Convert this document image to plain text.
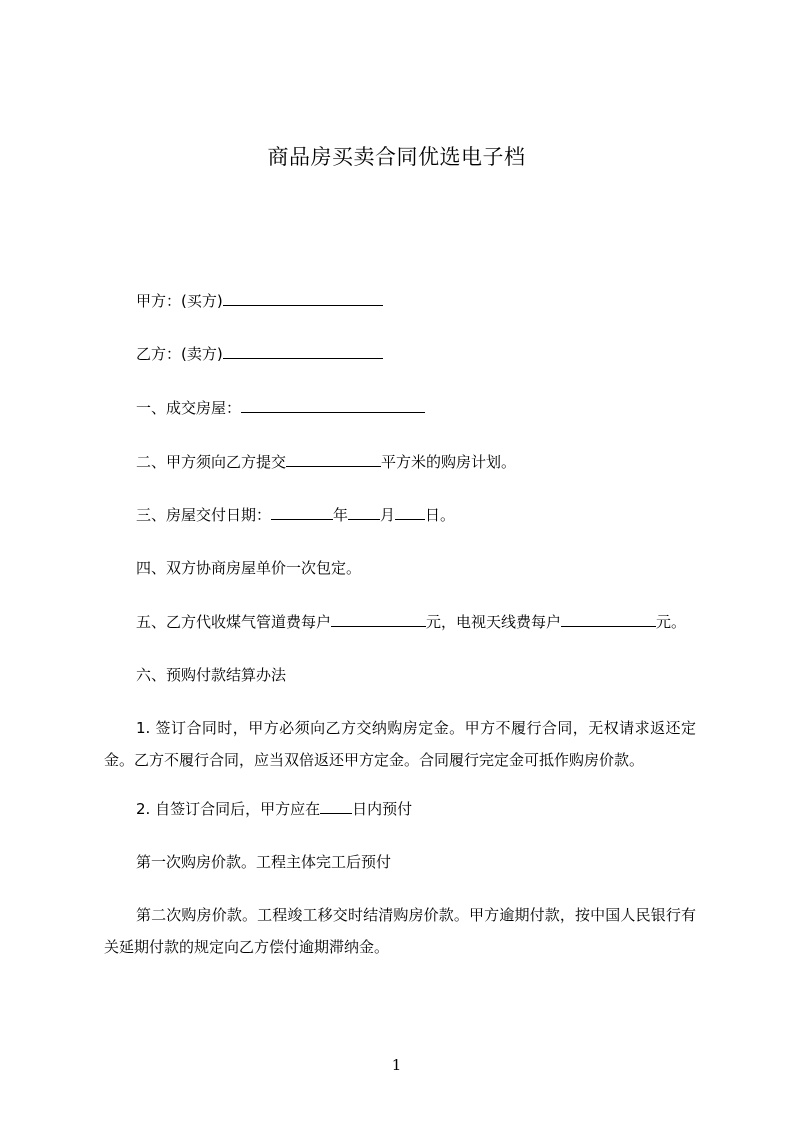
商品房买卖合同优选电子档
甲方：(买方)
乙方：(卖方)
一、成交房屋：
二、甲方须向乙方提交	平方米的购房计划。
三、房屋交付日期：	年 月 日。
四、双方协商房屋单价一次包定。
五、乙方代收煤气管道费每户	元，电视天线费每户	元。
六、预购付款结算办法
1. 签订合同时，甲方必须向乙方交纳购房定金。甲方不履行合同，无权请求返还定金。乙方不履行合同，应当双倍返还甲方定金。合同履行完定金可抵作购房价款。
2. 自签订合同后，甲方应在 日内预付
第一次购房价款。工程主体完工后预付
第二次购房价款。工程竣工移交时结清购房价款。甲方逾期付款，按中国人民银行有关延期付款的规定向乙方偿付逾期滞纳金。
1
